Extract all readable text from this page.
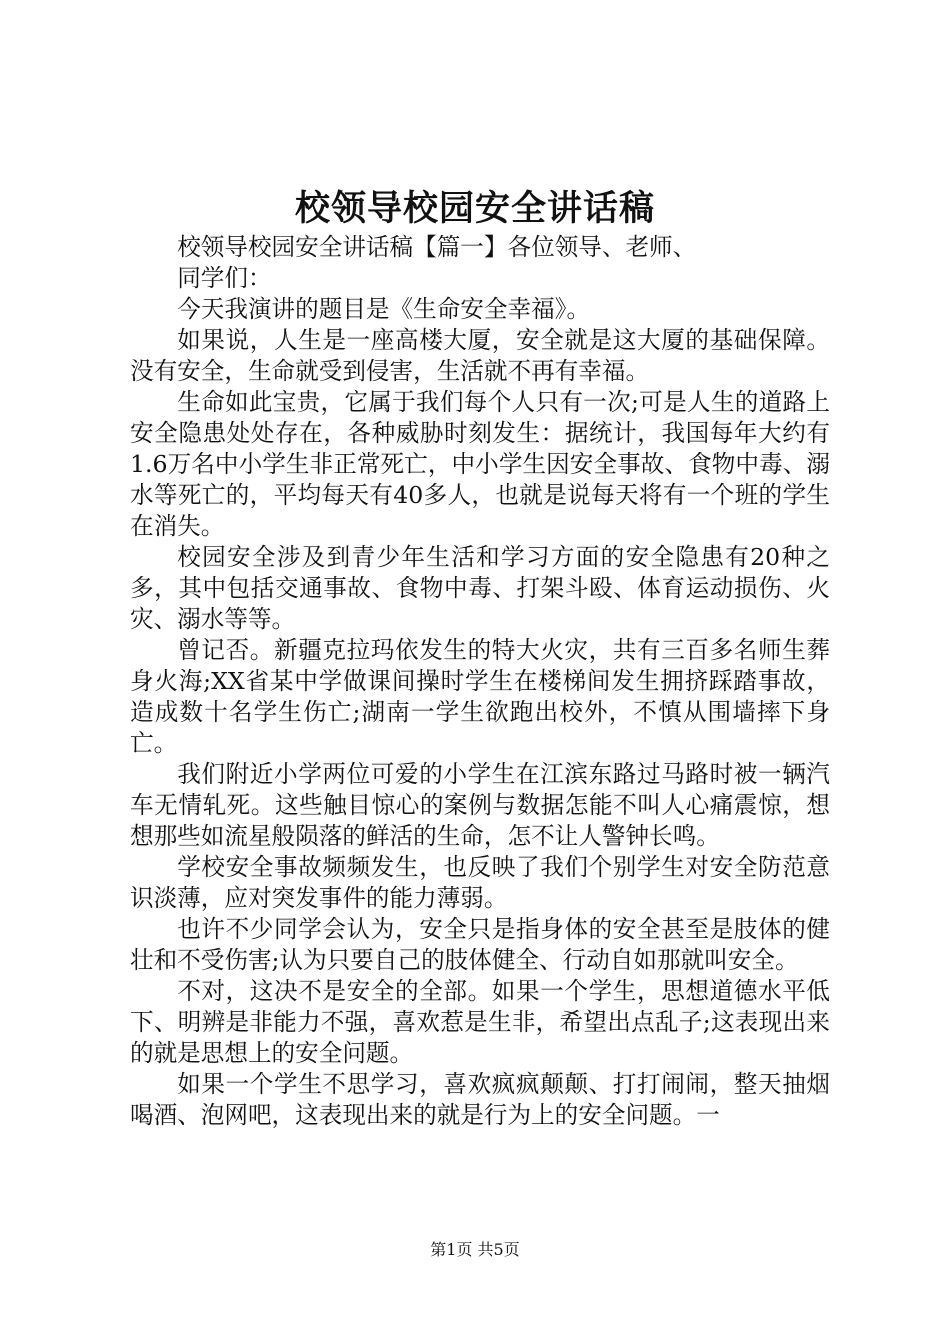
校领导校园安全讲话稿

校领导校园安全讲话稿【篇一】各位领导、老师、

同学们：

今天我演讲的题目是《生命安全幸福》。

如果说，人生是一座高楼大厦，安全就是这大厦的基础保障。没有安全，生命就受到侵害，生活就不再有幸福。

生命如此宝贵，它属于我们每个人只有一次;可是人生的道路上安全隐患处处存在，各种威胁时刻发生：据统计，我国每年大约有1.6万名中小学生非正常死亡，中小学生因安全事故、食物中毒、溺水等死亡的，平均每天有40多人，也就是说每天将有一个班的学生在消失。

校园安全涉及到青少年生活和学习方面的安全隐患有20种之多，其中包括交通事故、食物中毒、打架斗殴、体育运动损伤、火灾、溺水等等。

曾记否。新疆克拉玛依发生的特大火灾，共有三百多名师生葬身火海;XX省某中学做课间操时学生在楼梯间发生拥挤踩踏事故，造成数十名学生伤亡;湖南一学生欲跑出校外，不慎从围墙摔下身亡。

我们附近小学两位可爱的小学生在江滨东路过马路时被一辆汽车无情轧死。这些触目惊心的案例与数据怎能不叫人心痛震惊，想想那些如流星般陨落的鲜活的生命，怎不让人警钟长鸣。

学校安全事故频频发生，也反映了我们个别学生对安全防范意识淡薄，应对突发事件的能力薄弱。

也许不少同学会认为，安全只是指身体的安全甚至是肢体的健壮和不受伤害;认为只要自己的肢体健全、行动自如那就叫安全。

不对，这决不是安全的全部。如果一个学生，思想道德水平低下、明辨是非能力不强，喜欢惹是生非，希望出点乱子;这表现出来的就是思想上的安全问题。

如果一个学生不思学习，喜欢疯疯颠颠、打打闹闹，整天抽烟喝酒、泡网吧，这表现出来的就是行为上的安全问题。一

第1页 共5页
